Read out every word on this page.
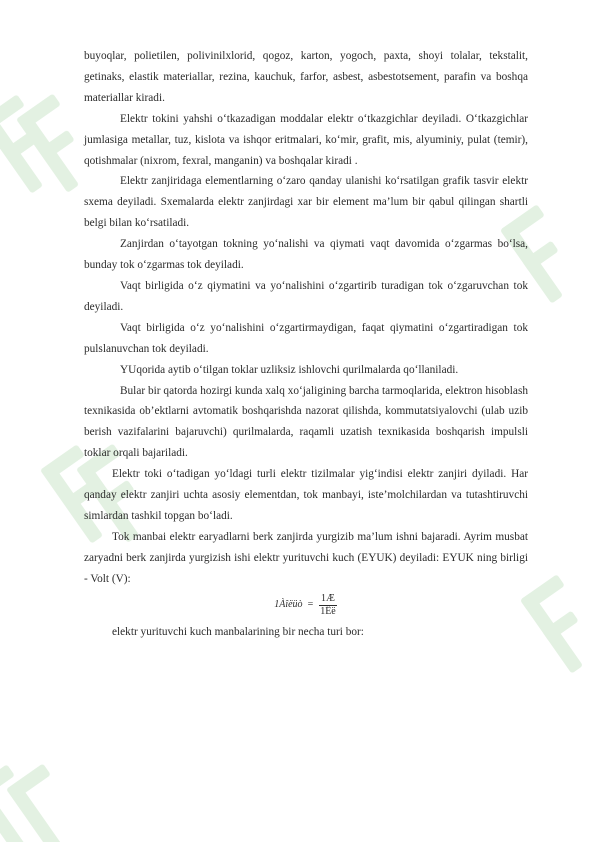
buyoqlar, polietilen, polivinilxlorid, qogoz, karton, yogoch, paxta, shoyi tolalar, tekstalit, getinaks, elastik materiallar, rezina, kauchuk, farfor, asbest, asbestotsement, parafin va boshqa materiallar kiradi.

Elektr tokini yahshi o‘tkazadigan moddalar elektr o‘tkazgichlar deyiladi. O‘tkazgichlar jumlasiga metallar, tuz, kislota va ishqor eritmalari, ko‘mir, grafit, mis, alyuminiy, pulat (temir), qotishmalar (nixrom, fexral, manganin) va boshqalar kiradi .

Elektr zanjiridaga elementlarning o‘zaro qanday ulanishi ko‘rsatilgan grafik tasvir elektr sxema deyiladi. Sxemalarda elektr zanjirdagi xar bir element ma’lum bir qabul qilingan shartli belgi bilan ko‘rsatiladi.

Zanjirdan o‘tayotgan tokning yo‘nalishi va qiymati vaqt davomida o‘zgarmas bo‘lsa, bunday tok o‘zgarmas tok deyiladi.

Vaqt birligida o‘z qiymatini va yo‘nalishini o‘zgartirib turadigan tok o‘zgaruvchan tok deyiladi.

Vaqt birligida o‘z yo‘nalishini o‘zgartirmaydigan, faqat qiymatini o‘zgartiradigan tok pulslanuvchan tok deyiladi.

YUqorida aytib o‘tilgan toklar uzliksiz ishlovchi qurilmalarda qo‘llaniladi.

Bular bir qatorda hozirgi kunda xalq xo‘jaligining barcha tarmoqlarida, elektron hisoblash texnikasida ob’ektlarni avtomatik boshqarishda nazorat qilishda, kommutatsiyalovchi (ulab uzib berish vazifalarini bajaruvchi) qurilmalarda, raqamli uzatish texnikasida boshqarish impulsli toklar orqali bajariladi.

Elektr toki o‘tadigan yo‘ldagi turli elektr tizilmalar yig‘indisi elektr zanjiri dyiladi. Har qanday elektr zanjiri uchta asosiy elementdan, tok manbayi, iste’molchilardan va tutashtiruvchi simlardan tashkil topgan bo‘ladi.

Tok manbai elektr earyadlarni berk zanjirda yurgizib ma’lum ishni bajaradi. Ayrim musbat zaryadni berk zanjirda yurgizish ishi elektr yurituvchi kuch (EYUK) deyiladi: EYUK ning birligi - Volt (V):

1Àîëüò = $\frac{1Æ}{1Êë}$

elektr yurituvchi kuch manbalarining bir necha turi bor:
